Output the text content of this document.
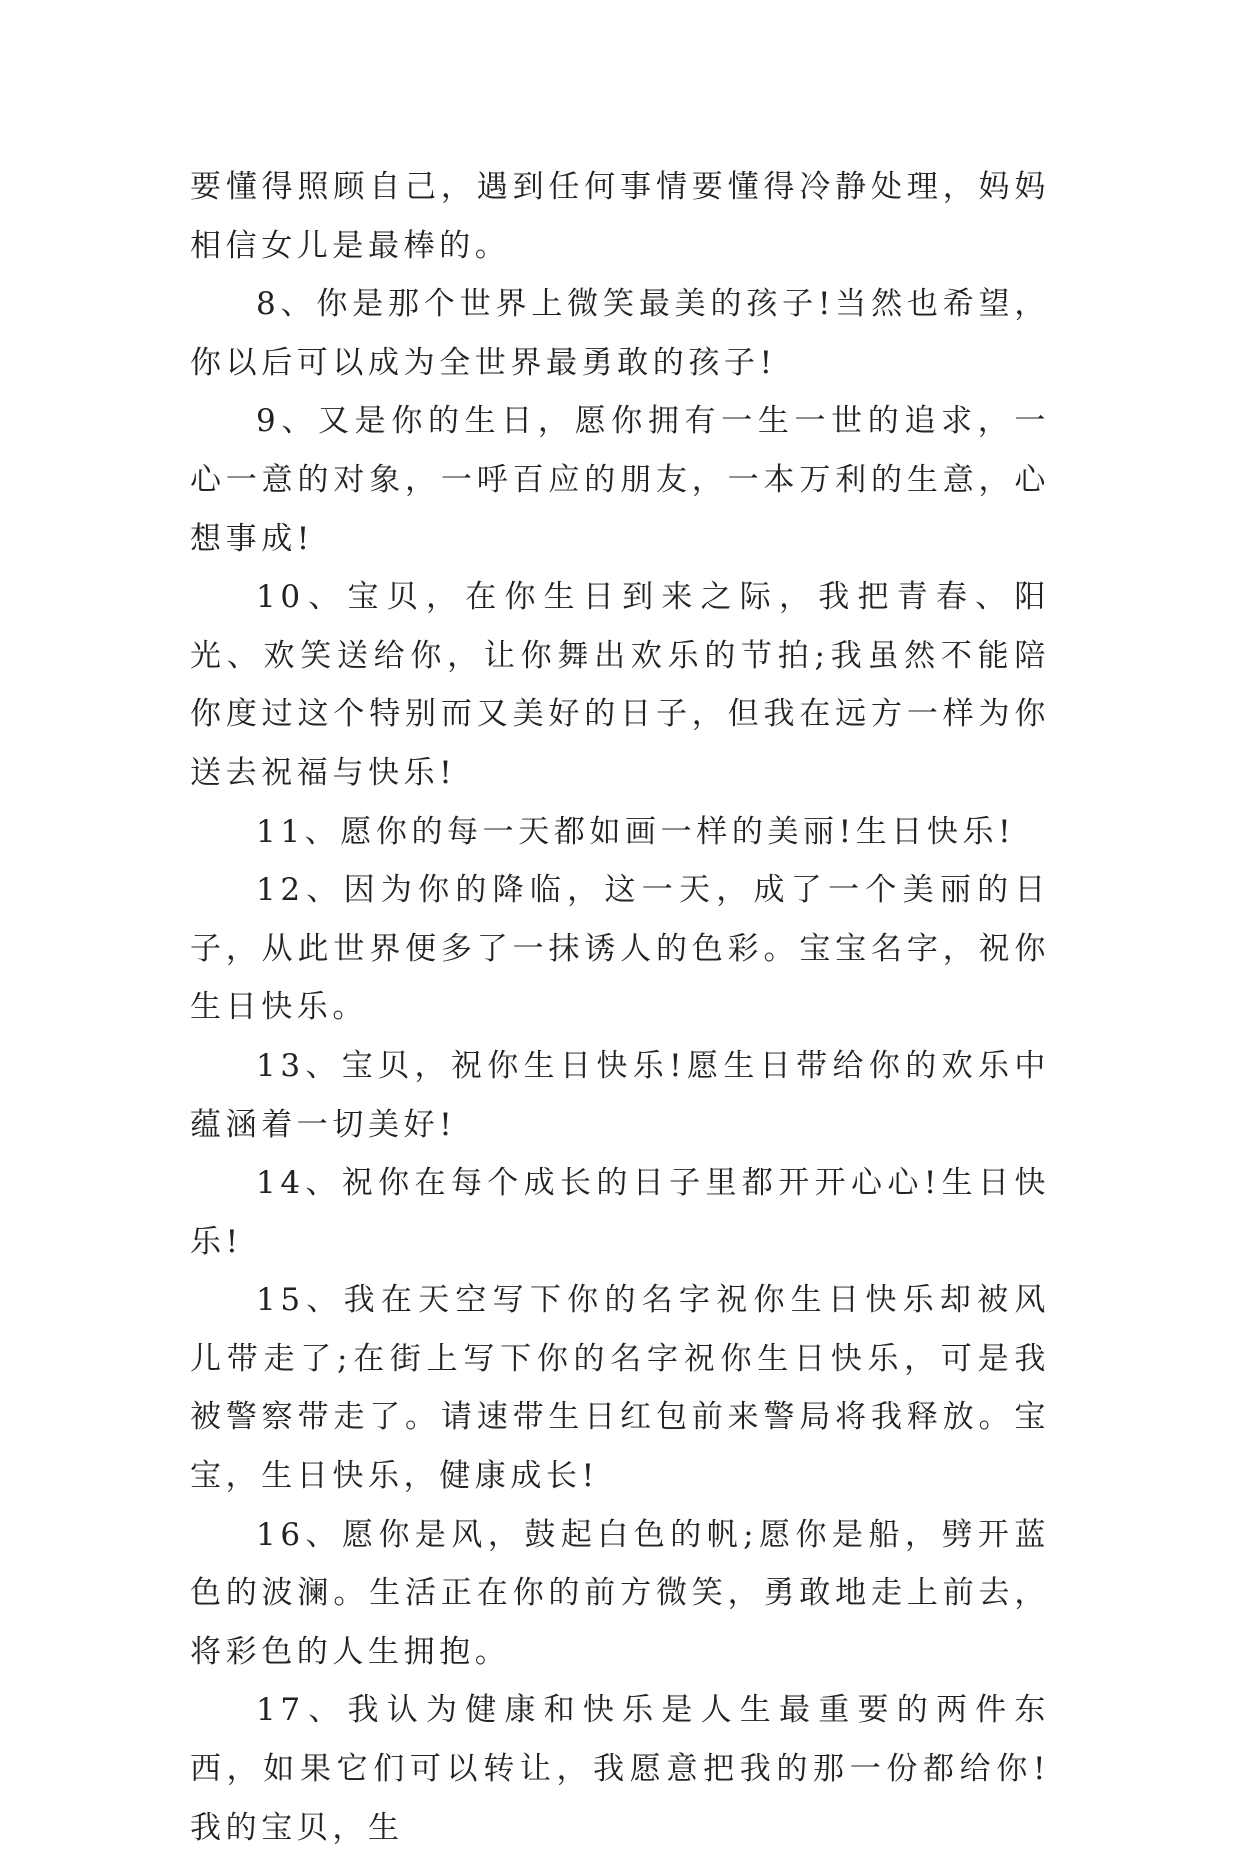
要懂得照顾自己，遇到任何事情要懂得冷静处理，妈妈相信女儿是最棒的。

8、你是那个世界上微笑最美的孩子!当然也希望，你以后可以成为全世界最勇敢的孩子!

9、又是你的生日，愿你拥有一生一世的追求，一心一意的对象，一呼百应的朋友，一本万利的生意，心想事成!

10、宝贝，在你生日到来之际，我把青春、阳光、欢笑送给你，让你舞出欢乐的节拍;我虽然不能陪你度过这个特别而又美好的日子，但我在远方一样为你送去祝福与快乐!

11、愿你的每一天都如画一样的美丽!生日快乐!

12、因为你的降临，这一天，成了一个美丽的日子，从此世界便多了一抹诱人的色彩。宝宝名字，祝你生日快乐。

13、宝贝，祝你生日快乐!愿生日带给你的欢乐中蕴涵着一切美好!

14、祝你在每个成长的日子里都开开心心!生日快乐!

15、我在天空写下你的名字祝你生日快乐却被风儿带走了;在街上写下你的名字祝你生日快乐，可是我被警察带走了。请速带生日红包前来警局将我释放。宝宝，生日快乐，健康成长!

16、愿你是风，鼓起白色的帆;愿你是船，劈开蓝色的波澜。生活正在你的前方微笑，勇敢地走上前去，将彩色的人生拥抱。

17、我认为健康和快乐是人生最重要的两件东西，如果它们可以转让，我愿意把我的那一份都给你!我的宝贝，生
